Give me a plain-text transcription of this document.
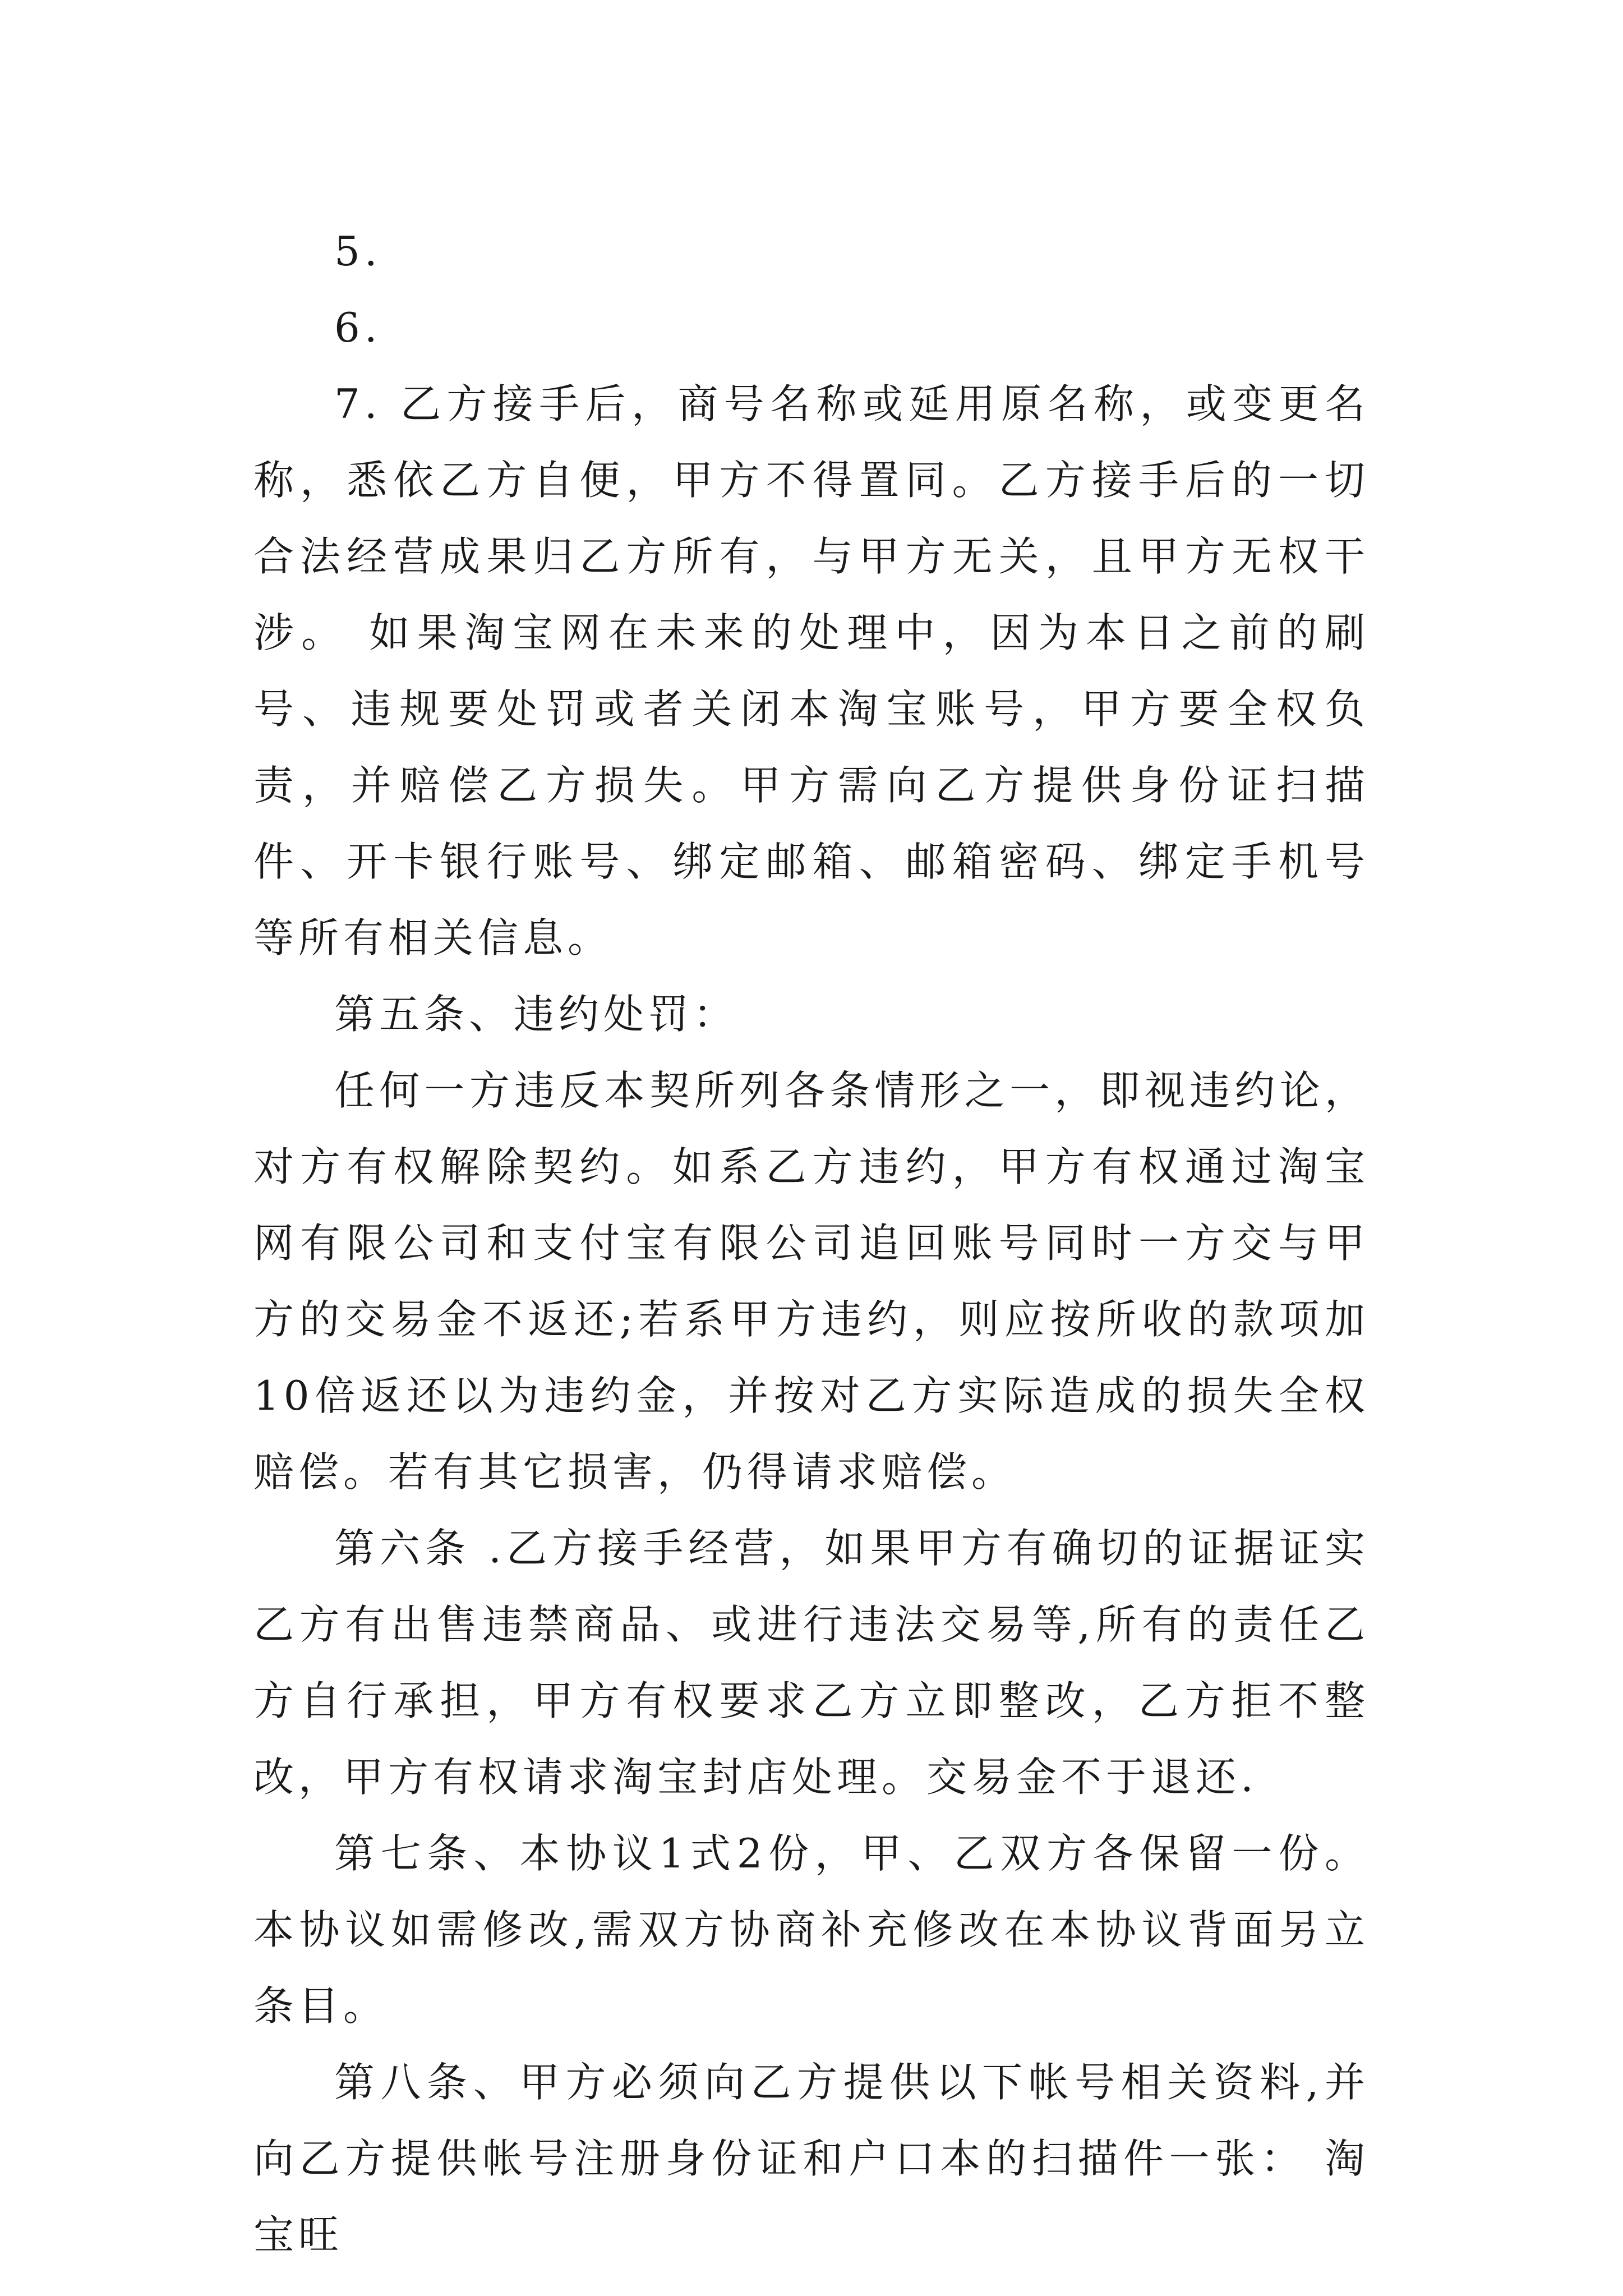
5.

6.

7. 乙方接手后，商号名称或延用原名称，或变更名称，悉依乙方自便，甲方不得置同。乙方接手后的一切合法经营成果归乙方所有，与甲方无关，且甲方无权干涉。 如果淘宝网在未来的处理中，因为本日之前的刷号、违规要处罚或者关闭本淘宝账号，甲方要全权负责，并赔偿乙方损失。甲方需向乙方提供身份证扫描件、开卡银行账号、绑定邮箱、邮箱密码、绑定手机号等所有相关信息。

第五条、违约处罚：

任何一方违反本契所列各条情形之一，即视违约论，对方有权解除契约。如系乙方违约，甲方有权通过淘宝网有限公司和支付宝有限公司追回账号同时一方交与甲方的交易金不返还;若系甲方违约，则应按所收的款项加10倍返还以为违约金，并按对乙方实际造成的损失全权赔偿。若有其它损害，仍得请求赔偿。

第六条 .乙方接手经营，如果甲方有确切的证据证实乙方有出售违禁商品、或进行违法交易等,所有的责任乙方自行承担，甲方有权要求乙方立即整改，乙方拒不整改，甲方有权请求淘宝封店处理。交易金不于退还.

第七条、本协议1式2份，甲、乙双方各保留一份。本协议如需修改,需双方协商补充修改在本协议背面另立条目。

第八条、甲方必须向乙方提供以下帐号相关资料,并向乙方提供帐号注册身份证和户口本的扫描件一张： 淘宝旺
